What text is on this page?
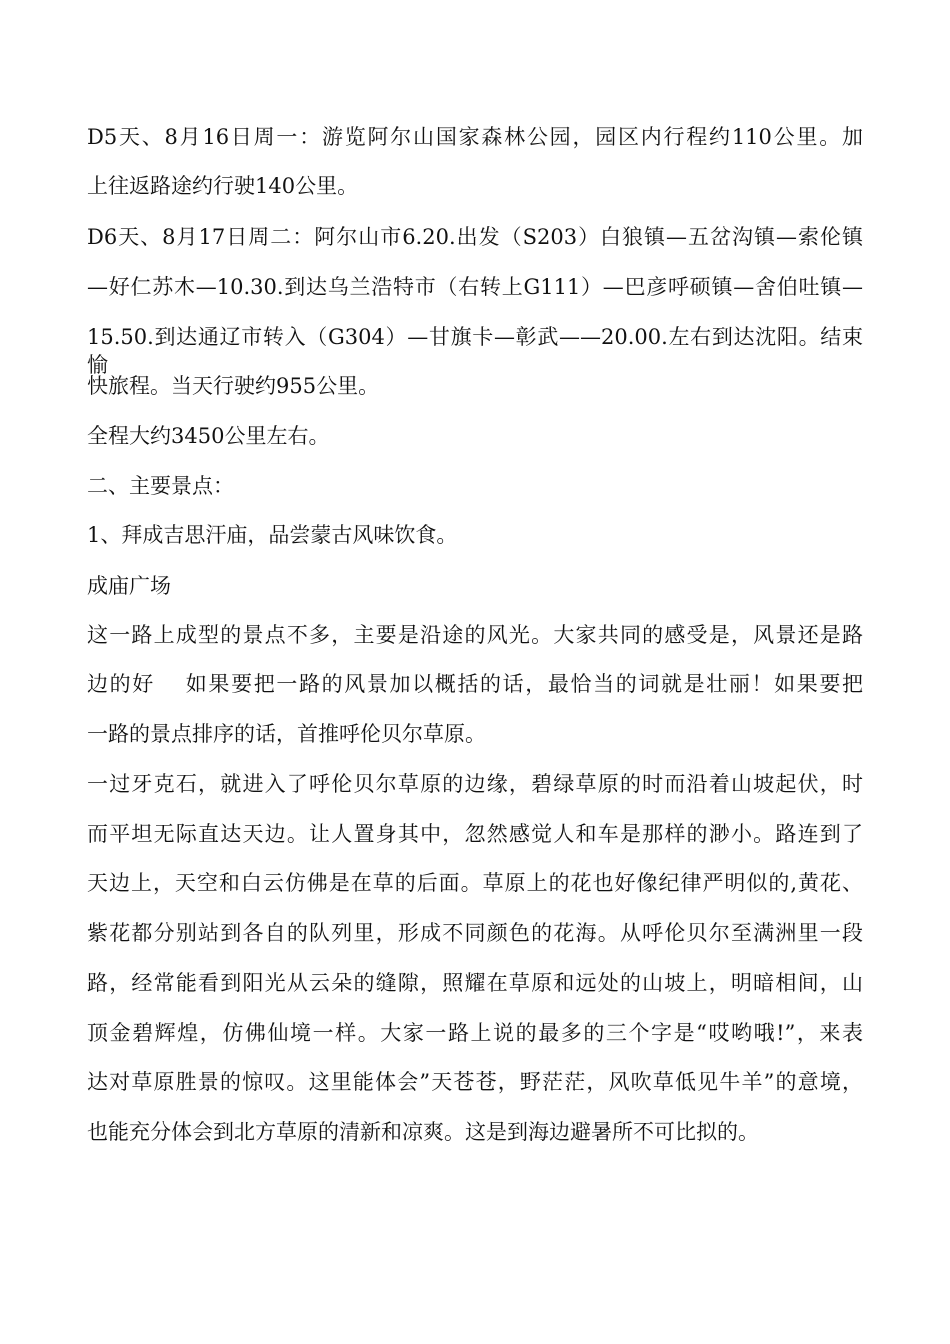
D5天、8月16日周一：游览阿尔山国家森林公园，园区内行程约110公里。加
上往返路途约行驶140公里。
D6天、8月17日周二：阿尔山市6.20.出发（S203）白狼镇—五岔沟镇—索伦镇
—好仁苏木—10.30.到达乌兰浩特市（右转上G111）—巴彦呼硕镇—舍伯吐镇—
15.50.到达通辽市转入（G304）—甘旗卡—彰武——20.00.左右到达沈阳。结束愉
快旅程。当天行驶约955公里。
全程大约3450公里左右。
二、主要景点：
1、拜成吉思汗庙，品尝蒙古风味饮食。
成庙广场
这一路上成型的景点不多，主要是沿途的风光。大家共同的感受是，风景还是路
边的好　 如果要把一路的风景加以概括的话，最恰当的词就是壮丽！如果要把
一路的景点排序的话，首推呼伦贝尔草原。
一过牙克石，就进入了呼伦贝尔草原的边缘，碧绿草原的时而沿着山坡起伏，时
而平坦无际直达天边。让人置身其中，忽然感觉人和车是那样的渺小。路连到了
天边上，天空和白云仿佛是在草的后面。草原上的花也好像纪律严明似的,黄花、
紫花都分别站到各自的队列里，形成不同颜色的花海。从呼伦贝尔至满洲里一段
路，经常能看到阳光从云朵的缝隙，照耀在草原和远处的山坡上，明暗相间，山
顶金碧辉煌，仿佛仙境一样。大家一路上说的最多的三个字是“哎哟哦!”，来表
达对草原胜景的惊叹。这里能体会”天苍苍，野茫茫，风吹草低见牛羊”的意境，
也能充分体会到北方草原的清新和凉爽。这是到海边避暑所不可比拟的。
